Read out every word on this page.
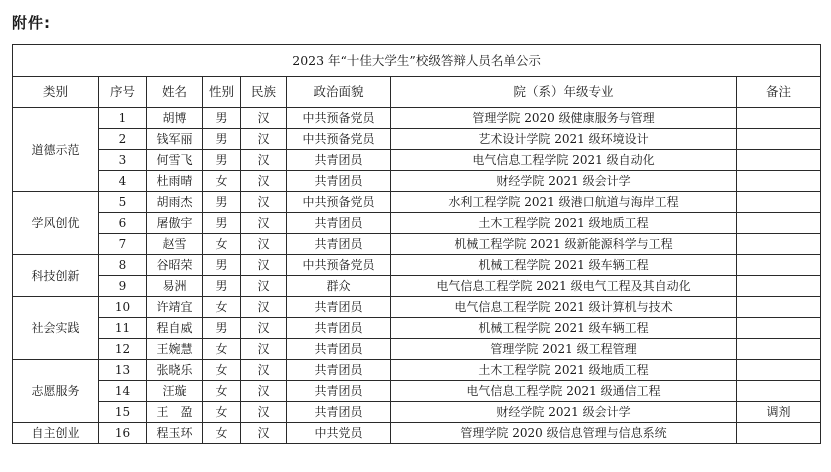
附件:
2023 年“十佳大学生”校级答辩人员名单公示							
类别	序号	姓名	性别	民族	政治面貌	院（系）年级专业	备注
道德示范	1	胡博	男	汉	中共预备党员	管理学院 2020 级健康服务与管理	
	2	钱军丽	男	汉	中共预备党员	艺术设计学院 2021 级环境设计	
	3	何雪飞	男	汉	共青团员	电气信息工程学院 2021 级自动化	
	4	杜雨晴	女	汉	共青团员	财经学院 2021 级会计学	
学风创优	5	胡雨杰	男	汉	中共预备党员	水利工程学院 2021 级港口航道与海岸工程	
	6	屠傲宇	男	汉	共青团员	土木工程学院 2021 级地质工程	
	7	赵雪	女	汉	共青团员	机械工程学院 2021 级新能源科学与工程	
科技创新	8	谷昭荣	男	汉	中共预备党员	机械工程学院 2021 级车辆工程	
	9	易洲	男	汉	群众	电气信息工程学院 2021 级电气工程及其自动化	
社会实践	10	许靖宜	女	汉	共青团员	电气信息工程学院 2021 级计算机与技术	
	11	程自威	男	汉	共青团员	机械工程学院 2021 级车辆工程	
	12	王婉慧	女	汉	共青团员	管理学院 2021 级工程管理	
志愿服务	13	张晓乐	女	汉	共青团员	土木工程学院 2021 级地质工程	
	14	汪璇	女	汉	共青团员	电气信息工程学院 2021 级通信工程	
	15	王　盈	女	汉	共青团员	财经学院 2021 级会计学	调剂
自主创业	16	程玉环	女	汉	中共党员	管理学院 2020 级信息管理与信息系统	
